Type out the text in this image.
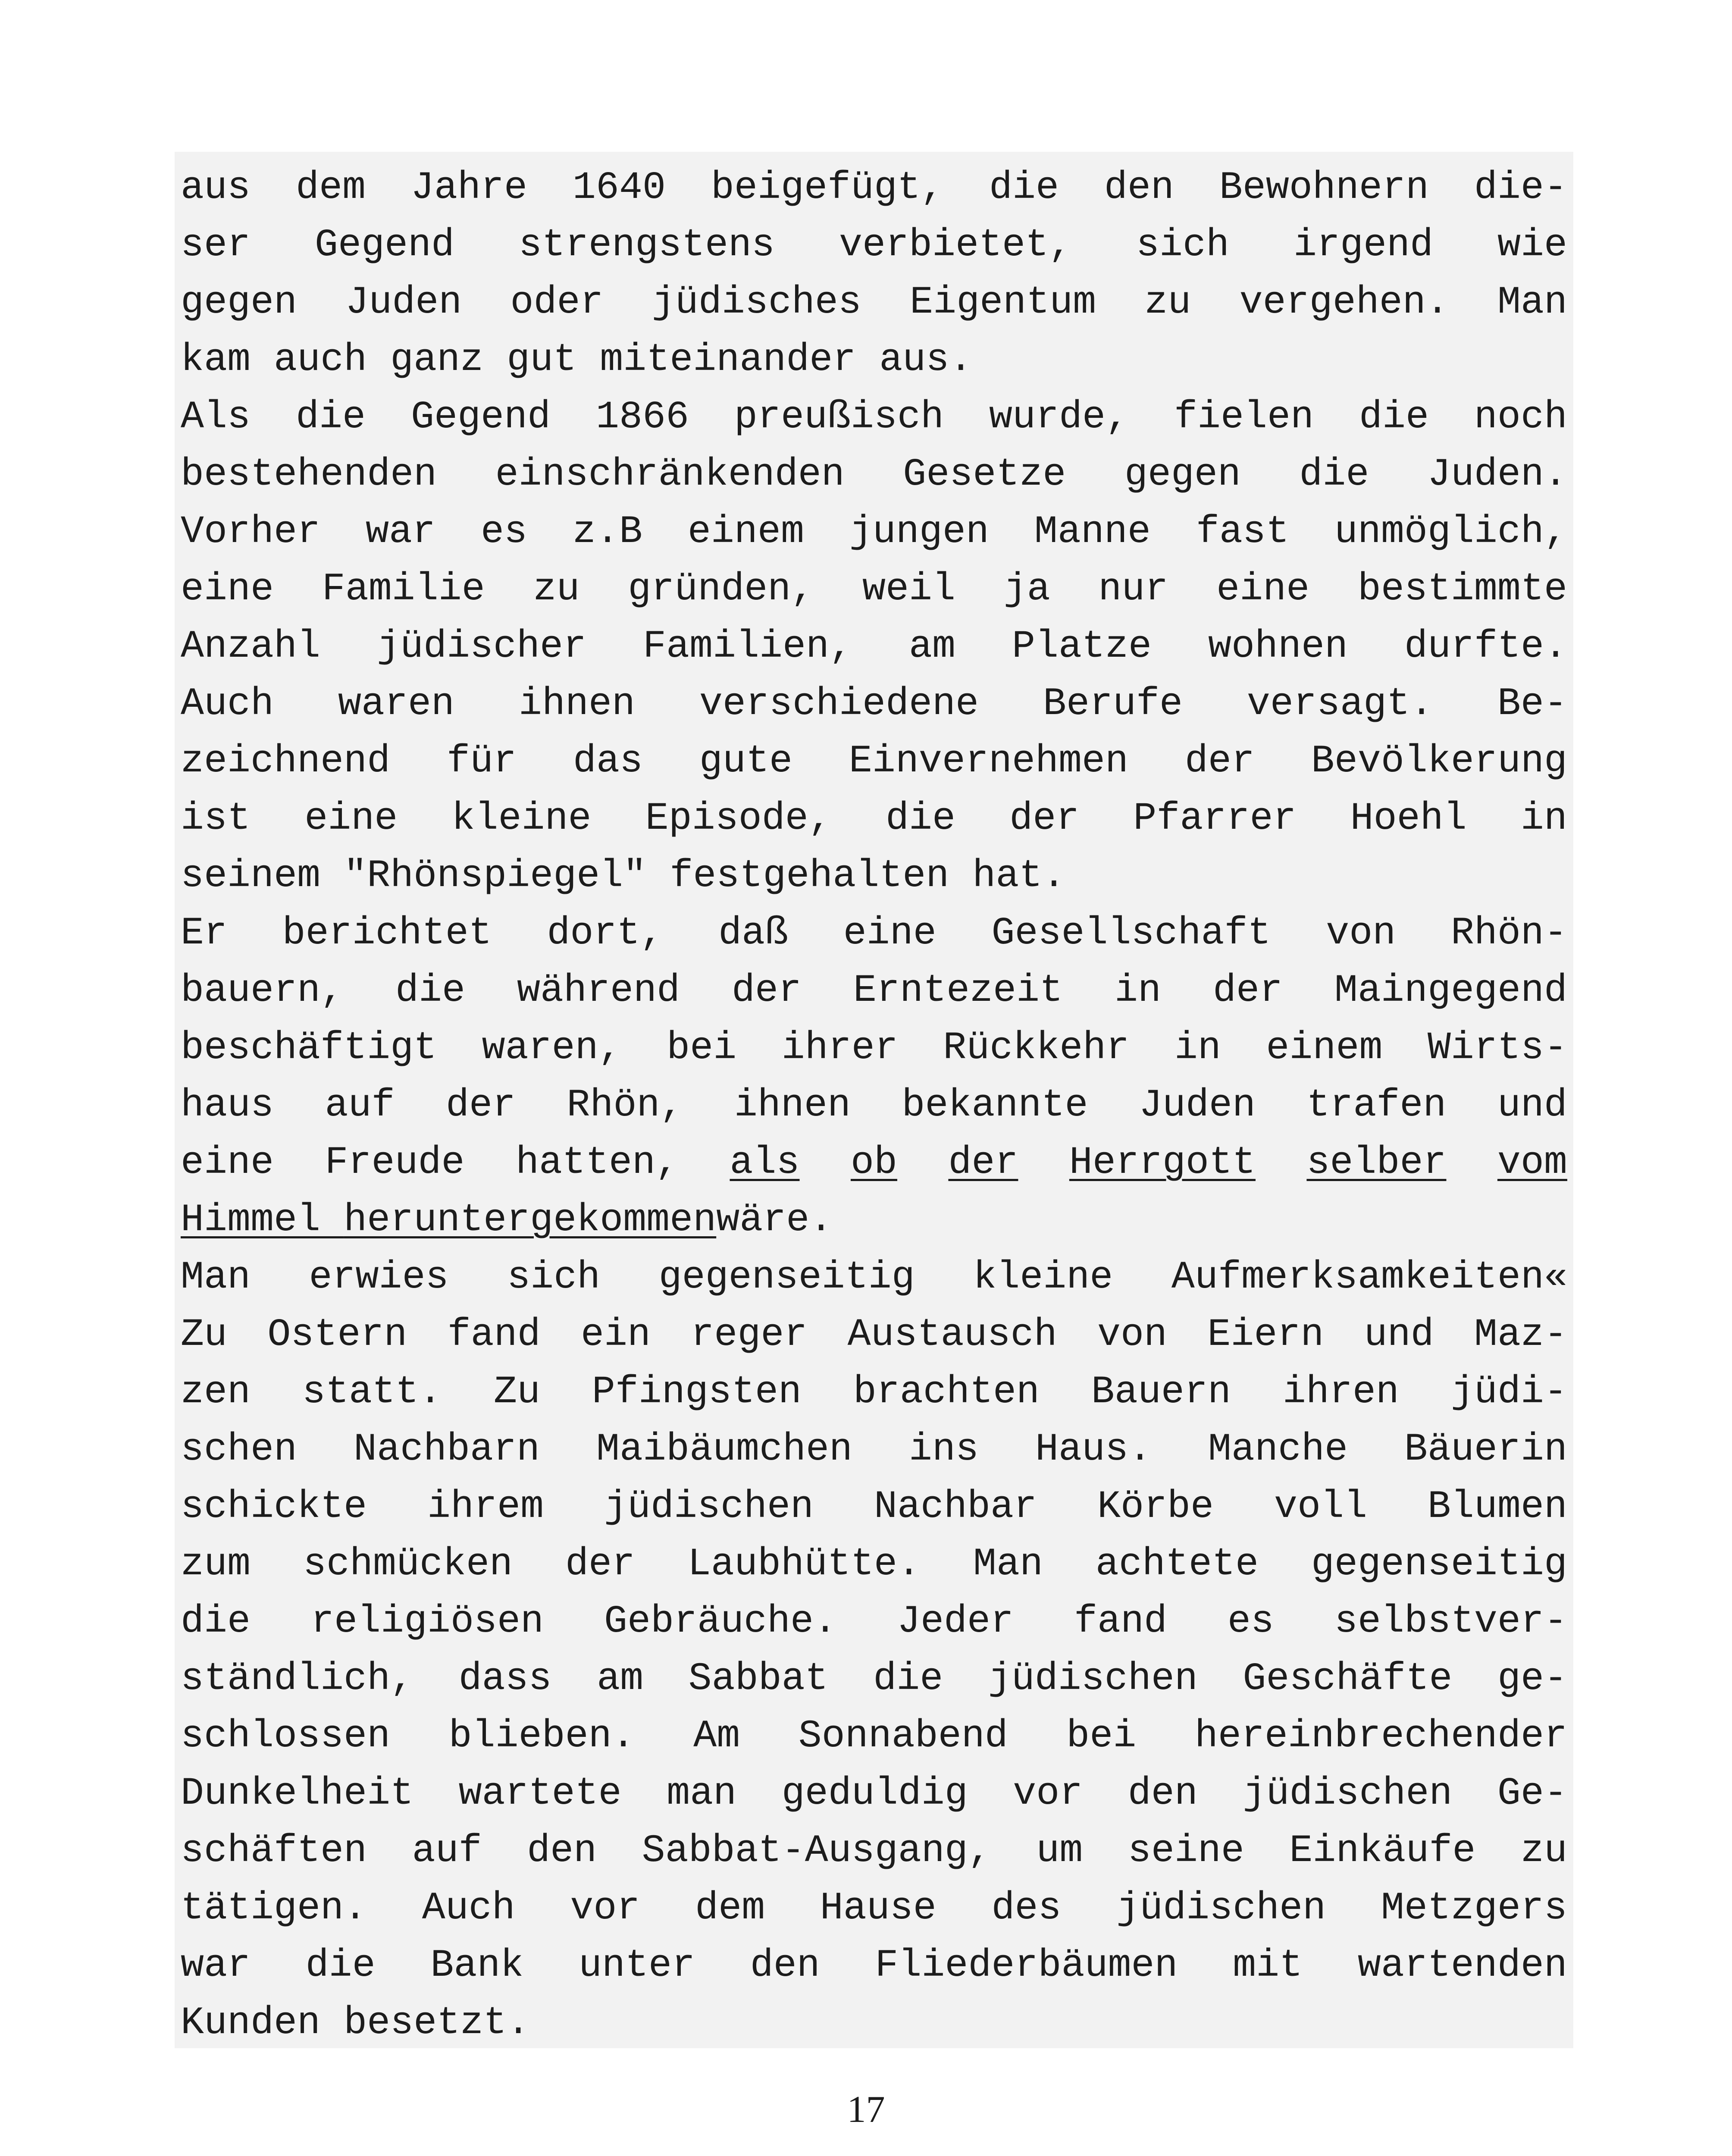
aus dem Jahre 1640 beigefügt, die den Bewohnern die-
ser Gegend strengstens verbietet, sich irgend wie
gegen Juden oder jüdisches Eigentum zu vergehen. Man
kam auch ganz gut miteinander aus.
Als die Gegend 1866 preußisch wurde, fielen die noch
bestehenden einschränkenden Gesetze gegen die Juden.
Vorher war es z.B einem jungen Manne fast unmöglich,
eine Familie zu gründen, weil ja nur eine bestimmte
Anzahl jüdischer Familien, am Platze wohnen durfte.
Auch waren ihnen verschiedene Berufe versagt. Be-
zeichnend für das gute Einvernehmen der Bevölkerung
ist eine kleine Episode, die der Pfarrer Hoehl in
seinem "Rhönspiegel" festgehalten hat.
Er berichtet dort, daß eine Gesellschaft von Rhön-
bauern, die während der Erntezeit in der Maingegend
beschäftigt waren, bei ihrer Rückkehr in einem Wirts-
haus auf der Rhön, ihnen bekannte Juden trafen und
eine Freude hatten, als	ob	der	Herrgott	selber	vom
Himmel heruntergekommen wäre .
Man erwies sich gegenseitig kleine Aufmerksamkeiten«
Zu Ostern fand ein reger Austausch von Eiern und Maz-
zen statt. Zu Pfingsten brachten Bauern ihren jüdi-
schen Nachbarn Maibäumchen ins Haus. Manche Bäuerin
schickte ihrem jüdischen Nachbar Körbe voll Blumen
zum schmücken der Laubhütte. Man achtete gegenseitig
die religiösen Gebräuche. Jeder fand es selbstver-
ständlich, dass am Sabbat die jüdischen Geschäfte ge-
schlossen blieben. Am Sonnabend bei hereinbrechender
Dunkelheit wartete man geduldig vor den jüdischen Ge-
schäften auf den Sabbat-Ausgang, um seine Einkäufe zu
tätigen. Auch vor dem Hause des jüdischen Metzgers
war die Bank unter den Fliederbäumen mit wartenden
Kunden besetzt.
17
